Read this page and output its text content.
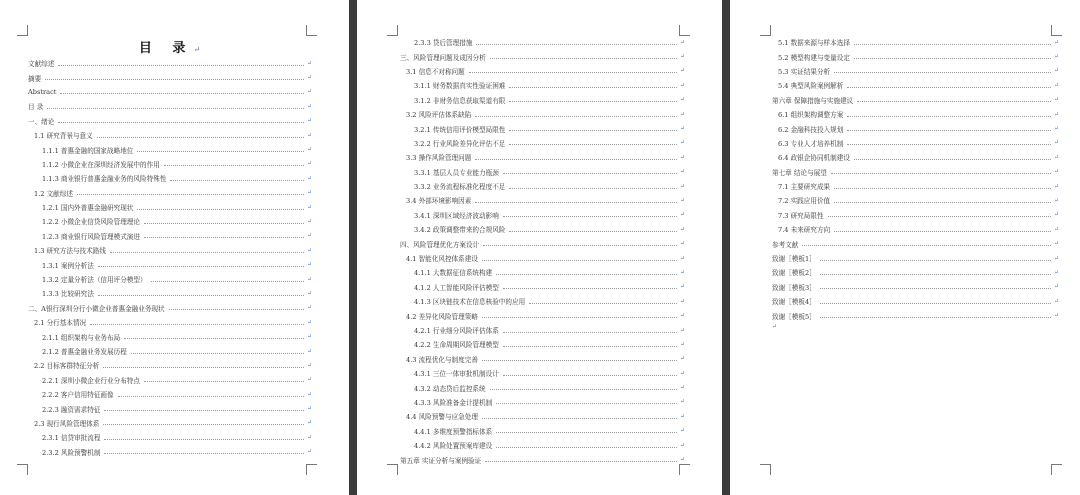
目 录↵
文献综述	↵
摘要	↵
Abstract	↵
目 录	↵
一、绪论	↵
1.1 研究背景与意义	↵
1.1.1 普惠金融的国家战略地位	↵
1.1.2 小微企业在深圳经济发展中的作用	↵
1.1.3 商业银行普惠金融业务的风险特殊性	↵
1.2 文献综述	↵
1.2.1 国内外普惠金融研究现状	↵
1.2.2 小微企业信贷风险管理理论	↵
1.2.3 商业银行风险管理模式演进	↵
1.3 研究方法与技术路线	↵
1.3.1 案例分析法	↵
1.3.2 定量分析法（信用评分模型）	↵
1.3.3 比较研究法	↵
二、A银行深圳分行小微企业普惠金融业务现状	↵
2.1 分行基本情况	↵
2.1.1 组织架构与业务布局	↵
2.1.2 普惠金融业务发展历程	↵
2.2 目标客群特征分析	↵
2.2.1 深圳小微企业行业分布特点	↵
2.2.2 客户信用特征画像	↵
2.2.3 融资需求特征	↵
2.3 现行风险管理体系	↵
2.3.1 信贷审批流程	↵
2.3.2 风险预警机制	↵
2.3.3 贷后管理措施	↵
三、风险管理问题及成因分析	↵
3.1 信息不对称问题	↵
3.1.1 财务数据真实性验证困难	↵
3.1.2 非财务信息获取渠道有限	↵
3.2 风险评估体系缺陷	↵
3.2.1 传统信用评价模型局限性	↵
3.2.2 行业风险差异化评估不足	↵
3.3 操作风险管理问题	↵
3.3.1 基层人员专业能力瓶颈	↵
3.3.2 业务流程标准化程度不足	↵
3.4 外部环境影响因素	↵
3.4.1 深圳区域经济波动影响	↵
3.4.2 政策调整带来的合规风险	↵
四、风险管理优化方案设计	↵
4.1 智能化风控体系建设	↵
4.1.1 大数据征信系统构建	↵
4.1.2 人工智能风险评估模型	↵
4.1.3 区块链技术在信息核验中的应用	↵
4.2 差异化风险管理策略	↵
4.2.1 行业细分风险评估体系	↵
4.2.2 生命周期风险管理模型	↵
4.3 流程优化与制度完善	↵
4.3.1 三位一体审批机制设计	↵
4.3.2 动态贷后监控系统	↵
4.3.3 风险准备金计提机制	↵
4.4 风险预警与应急处理	↵
4.4.1 多维度预警指标体系	↵
4.4.2 风险处置预案库建设	↵
第五章 实证分析与案例验证	↵
5.1 数据来源与样本选择	↵
5.2 模型构建与变量设定	↵
5.3 实证结果分析	↵
5.4 典型风险案例解析	↵
第六章 保障措施与实施建议	↵
6.1 组织架构调整方案	↵
6.2 金融科技投入规划	↵
6.3 专业人才培养机制	↵
6.4 政银企协同机制建设	↵
第七章 结论与展望	↵
7.1 主要研究成果	↵
7.2 实践应用价值	↵
7.3 研究局限性	↵
7.4 未来研究方向	↵
参考文献	↵
致谢［模板1］	↵
致谢［模板2］	↵
致谢［模板3］	↵
致谢［模板4］	↵
致谢［模板5］	↵
↵
